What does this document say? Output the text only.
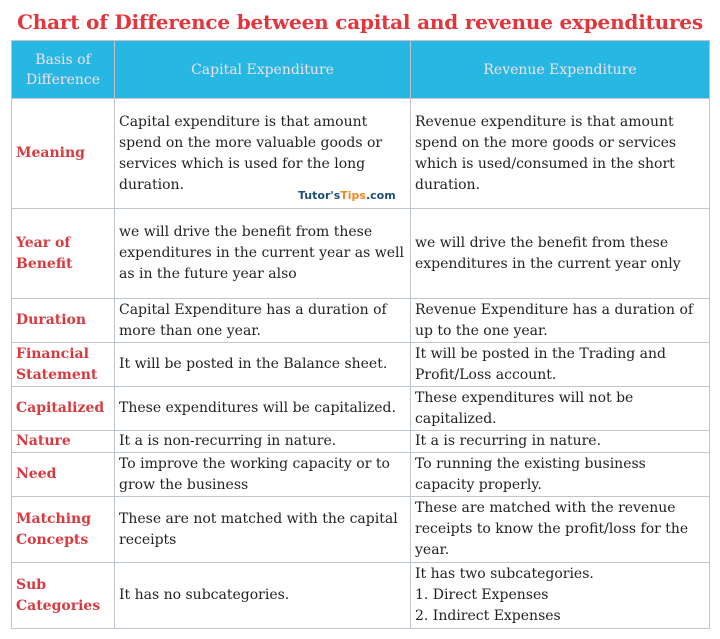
Chart of Difference between capital and revenue expenditures
Tutor'sTips.com
Basis of
Difference	Capital Expenditure	Revenue Expenditure
Meaning	Capital expenditure is that amount spend on the more valuable goods or services which is used for the long duration.	Revenue expenditure is that amount spend on the more goods or services which is used/consumed in the short duration.
Year of Benefit	we will drive the benefit from these expenditures in the current year as well as in the future year also	we will drive the benefit from these expenditures in the current year only
Duration	Capital Expenditure has a duration of more than one year.	Revenue Expenditure has a duration of up to the one year.
Financial Statement	It will be posted in the Balance sheet.	It will be posted in the Trading and Profit/Loss account.
Capitalized	These expenditures will be capitalized.	These expenditures will not be capitalized.
Nature	It a is non-recurring in nature.	It a is recurring in nature.
Need	To improve the working capacity or to grow the business	To running the existing business capacity properly.
Matching Concepts	These are not matched with the capital receipts	These are matched with the revenue receipts to know the profit/loss for the year.
Sub Categories	It has no subcategories.	It has two subcategories.
1. Direct Expenses
2. Indirect Expenses
